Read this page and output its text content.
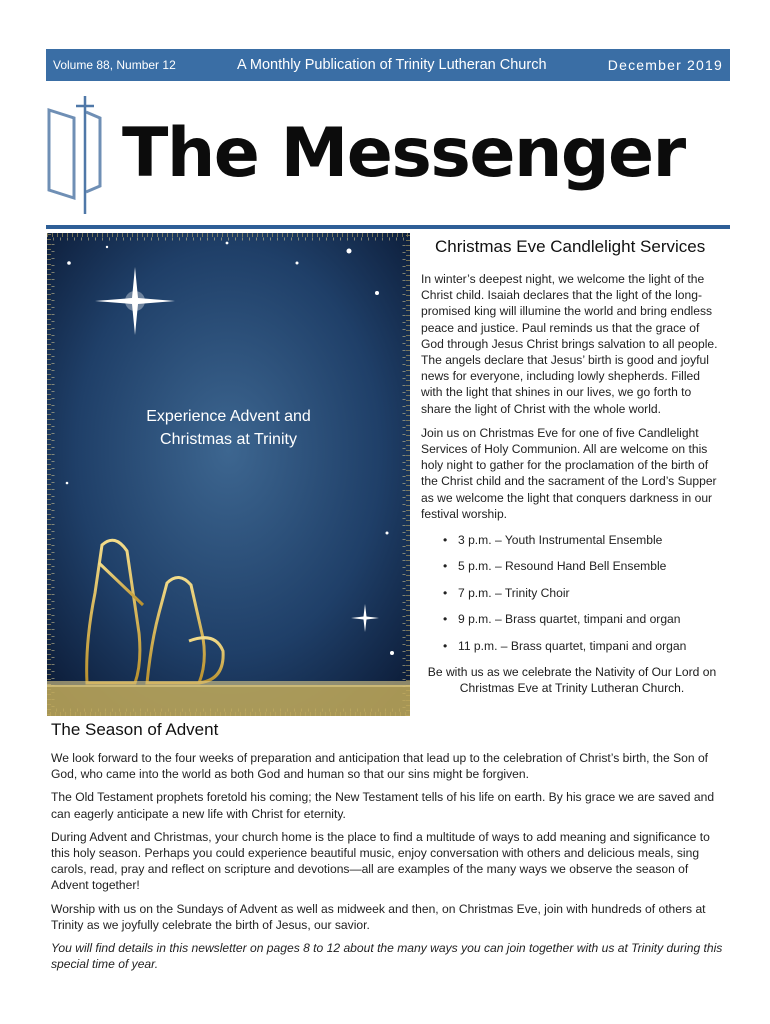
Volume 88, Number 12	A Monthly Publication of Trinity Lutheran Church	December 2019
The Messenger
Experience Advent and
Christmas at Trinity
Christmas Eve Candlelight Services

In winter’s deepest night, we welcome the light of the Christ child. Isaiah declares that the light of the long-promised king will illumine the world and bring endless peace and justice. Paul reminds us that the grace of God through Jesus Christ brings salvation to all people. The angels declare that Jesus’ birth is good and joyful news for everyone, including lowly shepherds. Filled with the light that shines in our lives, we go forth to share the light of Christ with the whole world.

Join us on Christmas Eve for one of five Candlelight Services of Holy Communion. All are welcome on this holy night to gather for the proclamation of the birth of the Christ child and the sacrament of the Lord’s Supper as we welcome the light that conquers darkness in our festival worship.

• 3 p.m. – Youth Instrumental Ensemble
• 5 p.m. – Resound Hand Bell Ensemble
• 7 p.m. – Trinity Choir
• 9 p.m. – Brass quartet, timpani and organ
• 11 p.m. – Brass quartet, timpani and organ

Be with us as we celebrate the Nativity of Our Lord on Christmas Eve at Trinity Lutheran Church.

The Season of Advent

We look forward to the four weeks of preparation and anticipation that lead up to the celebration of Christ’s birth, the Son of God, who came into the world as both God and human so that our sins might be forgiven.

The Old Testament prophets foretold his coming; the New Testament tells of his life on earth. By his grace we are saved and can eagerly anticipate a new life with Christ for eternity.

During Advent and Christmas, your church home is the place to find a multitude of ways to add meaning and significance to this holy season. Perhaps you could experience beautiful music, enjoy conversation with others and delicious meals, sing carols, read, pray and reflect on scripture and devotions—all are examples of the many ways we observe the season of Advent together!

Worship with us on the Sundays of Advent as well as midweek and then, on Christmas Eve, join with hundreds of others at Trinity as we joyfully celebrate the birth of Jesus, our savior.

You will find details in this newsletter on pages 8 to 12 about the many ways you can join together with us at Trinity during this special time of year.
